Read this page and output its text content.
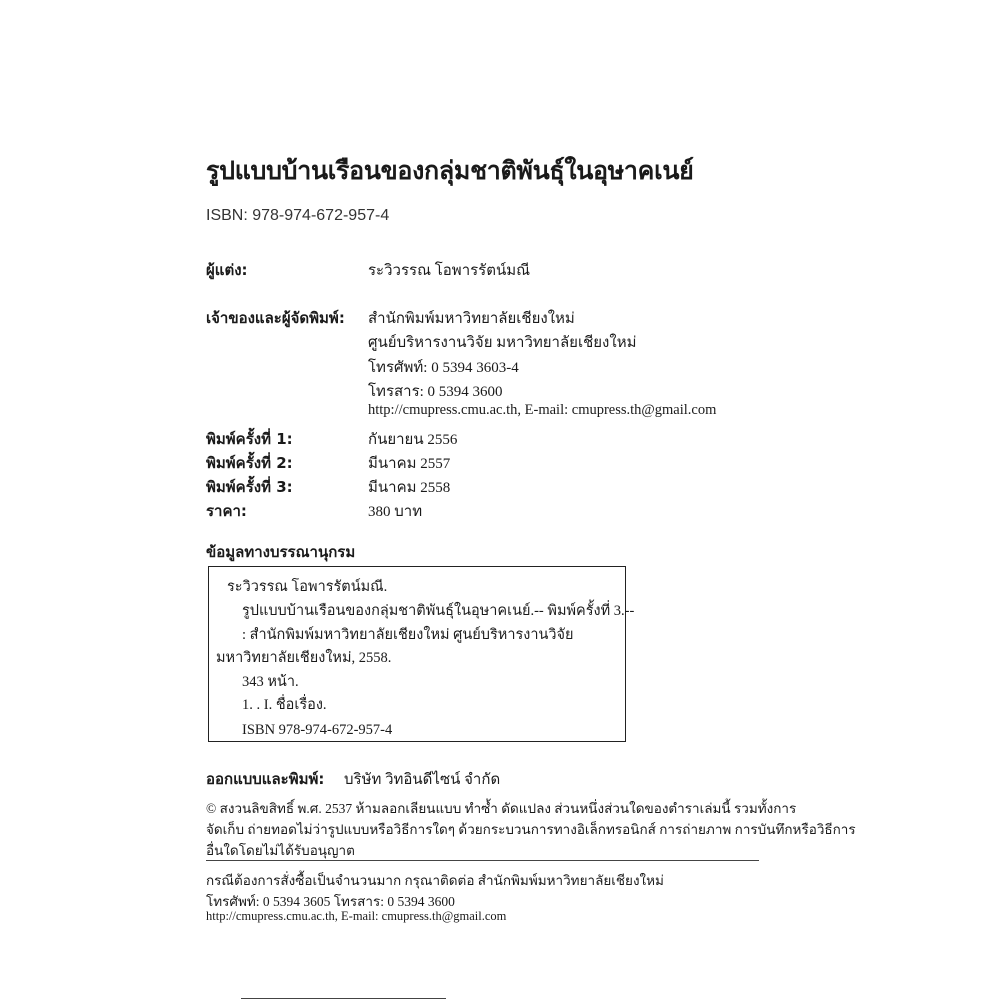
รูปแบบบ้านเรือนของกลุ่มชาติพันธุ์ในอุษาคเนย์
ISBN: 978-974-672-957-4
ผู้แต่ง:	ระวิวรรณ โอพารรัตน์มณี
เจ้าของและผู้จัดพิมพ์: สำนักพิมพ์มหาวิทยาลัยเชียงใหม่
ศูนย์บริหารงานวิจัย มหาวิทยาลัยเชียงใหม่
โทรศัพท์: 0 5394 3603-4
โทรสาร: 0 5394 3600
http://cmupress.cmu.ac.th, E-mail: cmupress.th@gmail.com
พิมพ์ครั้งที่ 1:	กันยายน 2556
พิมพ์ครั้งที่ 2:	มีนาคม 2557
พิมพ์ครั้งที่ 3:	มีนาคม 2558
ราคา:	380 บาท
ข้อมูลทางบรรณานุกรม
ระวิวรรณ โอพารรัตน์มณี.
รูปแบบบ้านเรือนของกลุ่มชาติพันธุ์ในอุษาคเนย์.-- พิมพ์ครั้งที่ 3.--
: สำนักพิมพ์มหาวิทยาลัยเชียงใหม่ ศูนย์บริหารงานวิจัย
มหาวิทยาลัยเชียงใหม่, 2558.
343 หน้า.
1. . I. ชื่อเรื่อง.
ISBN 978-974-672-957-4
ออกแบบและพิมพ์: บริษัท วิทอินดีไซน์ จำกัด
© สงวนลิขสิทธิ์ พ.ศ. 2537 ห้ามลอกเลียนแบบ ทำซ้ำ ดัดแปลง ส่วนหนึ่งส่วนใดของตำราเล่มนี้ รวมทั้งการ
จัดเก็บ ถ่ายทอดไม่ว่ารูปแบบหรือวิธีการใดๆ ด้วยกระบวนการทางอิเล็กทรอนิกส์ การถ่ายภาพ การบันทึกหรือวิธีการ
อื่นใดโดยไม่ได้รับอนุญาต
กรณีต้องการสั่งซื้อเป็นจำนวนมาก กรุณาติดต่อ สำนักพิมพ์มหาวิทยาลัยเชียงใหม่
โทรศัพท์: 0 5394 3605 โทรสาร: 0 5394 3600
http://cmupress.cmu.ac.th, E-mail: cmupress.th@gmail.com
